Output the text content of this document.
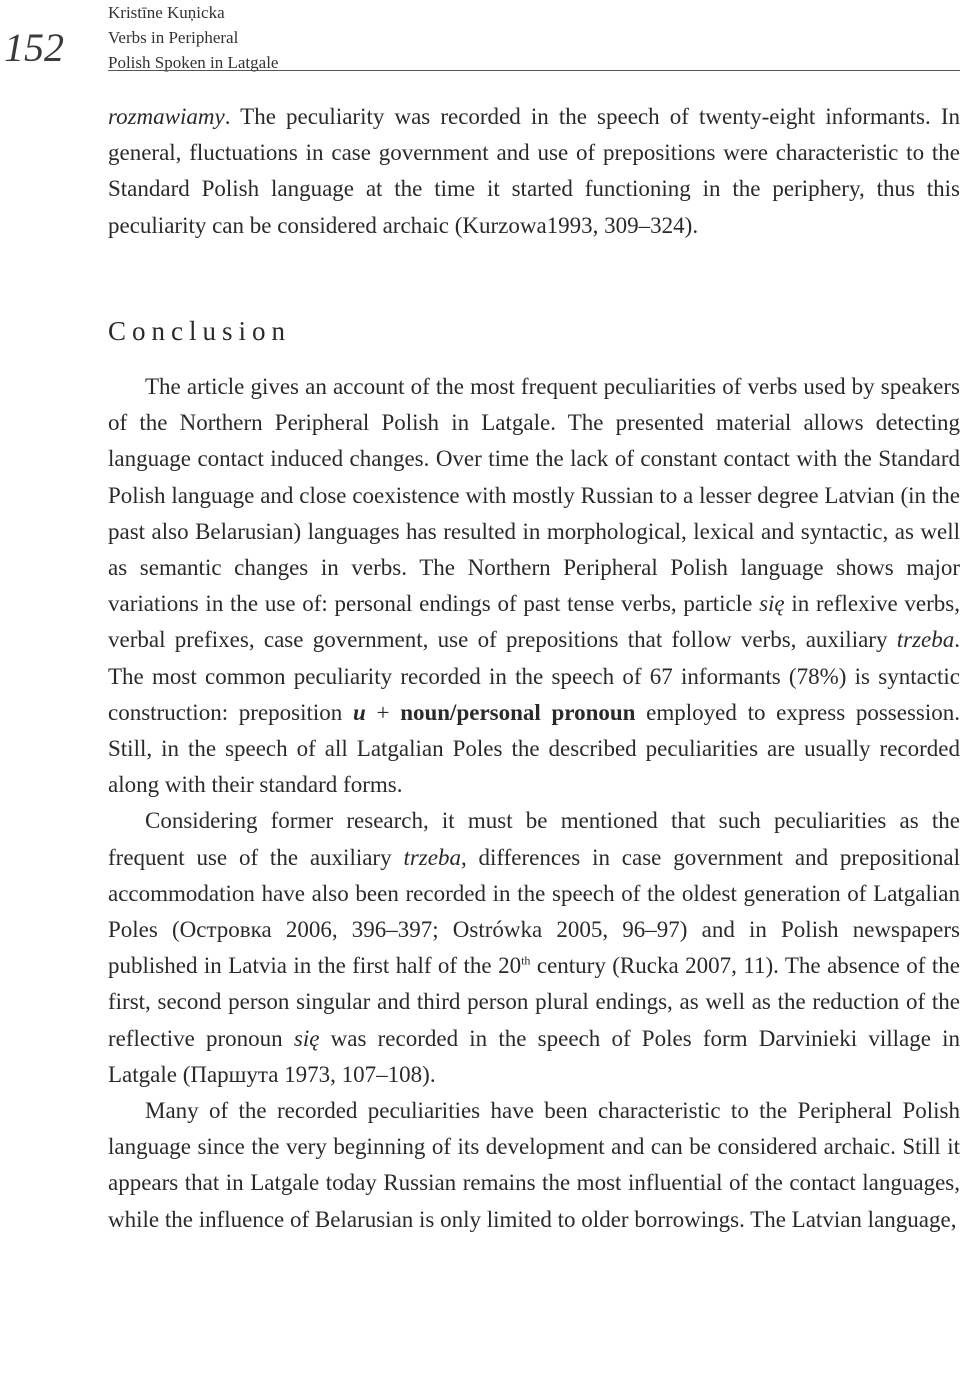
152
Kristīne Kuņicka
Verbs in Peripheral
Polish Spoken in Latgale
rozmawiamy. The peculiarity was recorded in the speech of twenty-eight informants. In general, fluctuations in case government and use of prepositions were characteristic to the Standard Polish language at the time it started functioning in the periphery, thus this peculiarity can be considered archaic (Kurzowa1993, 309–324).
Conclusion

The article gives an account of the most frequent peculiarities of verbs used by speakers of the Northern Peripheral Polish in Latgale. The presented material allows detecting language contact induced changes. Over time the lack of constant contact with the Standard Polish language and close coexistence with mostly Russian to a lesser degree Latvian (in the past also Belarusian) languages has resulted in morphological, lexical and syntactic, as well as semantic changes in verbs. The Northern Peripheral Polish language shows major variations in the use of: personal endings of past tense verbs, particle się in reflexive verbs, verbal prefixes, case government, use of prepositions that follow verbs, auxiliary trzeba. The most common peculiarity recorded in the speech of 67 informants (78%) is syntactic construction: preposition u + noun/personal pronoun employed to express possession. Still, in the speech of all Latgalian Poles the described peculiarities are usually recorded along with their standard forms.

Considering former research, it must be mentioned that such peculiarities as the frequent use of the auxiliary trzeba, differences in case government and prepositional accommodation have also been recorded in the speech of the oldest generation of Latgalian Poles (Островка 2006, 396–397; Ostrówka 2005, 96–97) and in Polish newspapers published in Latvia in the first half of the 20th century (Rucka 2007, 11). The absence of the first, second person singular and third person plural endings, as well as the reduction of the reflective pronoun się was recorded in the speech of Poles form Darvinieki village in Latgale (Паршута 1973, 107–108).

Many of the recorded peculiarities have been characteristic to the Peripheral Polish language since the very beginning of its development and can be considered archaic. Still it appears that in Latgale today Russian remains the most influential of the contact languages, while the influence of Belarusian is only limited to older borrowings. The Latvian language,
